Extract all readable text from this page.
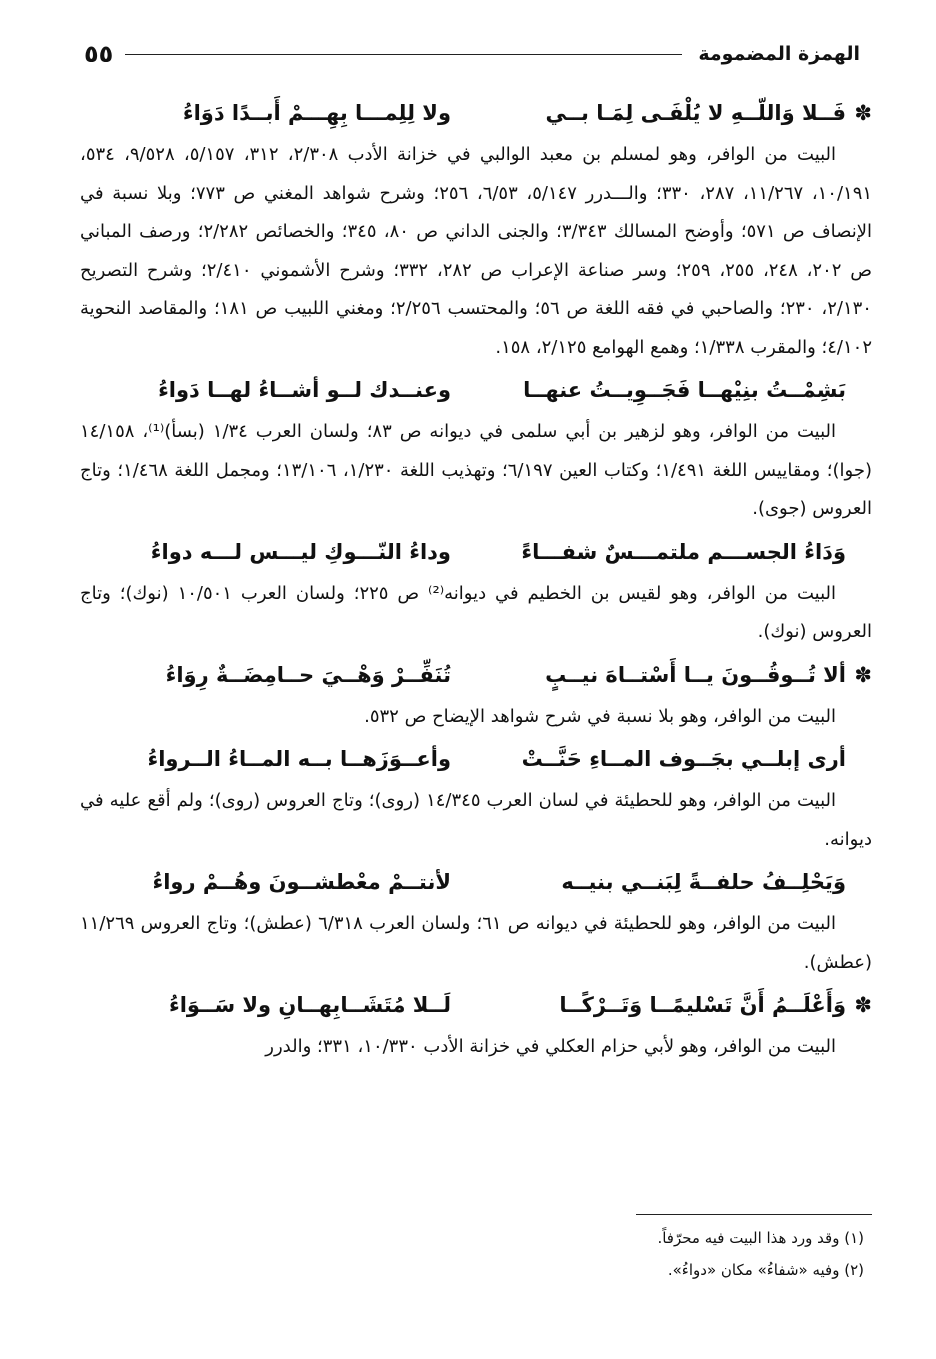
الهمزة المضمومة
٥٥
✽
فَــلا وَاللّــهِ لا يُلْفَـى لِمَـا بــي
ولا لِلِمـــا بِهِـــمْ أَبــدًا دَوَاءُ

البيت من الوافر، وهو لمسلم بن معبد الوالبي في خزانة الأدب ٢/٣٠٨، ٣١٢، ٥/١٥٧، ٩/٥٢٨، ٥٣٤، ١٠/١٩١، ١١/٢٦٧، ٢٨٧، ٣٣٠؛ والـــدرر ٥/١٤٧، ٦/٥٣، ٢٥٦؛ وشرح شواهد المغني ص ٧٧٣؛ وبلا نسبة في الإنصاف ص ٥٧١؛ وأوضح المسالك ٣/٣٤٣؛ والجنى الداني ص ٨٠، ٣٤٥؛ والخصائص ٢/٢٨٢؛ ورصف المباني ص ٢٠٢، ٢٤٨، ٢٥٥، ٢٥٩؛ وسر صناعة الإعراب ص ٢٨٢، ٣٣٢؛ وشرح الأشموني ٢/٤١٠؛ وشرح التصريح ٢/١٣٠، ٢٣٠؛ والصاحبي في فقه اللغة ص ٥٦؛ والمحتسب ٢/٢٥٦؛ ومغني اللبيب ص ١٨١؛ والمقاصد النحوية ٤/١٠٢؛ والمقرب ١/٣٣٨؛ وهمع الهوامع ٢/١٢٥، ١٥٨.

بَشِمْــتُ بنِيْهــا فَجَــوِيــتُ عنهــا
وعنــدك لــو أشــاءُ لهــا دَواءُ

البيت من الوافر، وهو لزهير بن أبي سلمى في ديوانه ص ٨٣؛ ولسان العرب ١/٣٤ (بسأ)⁽¹⁾، ١٤/١٥٨ (جوا)؛ ومقاييس اللغة ١/٤٩١؛ وكتاب العين ٦/١٩٧؛ وتهذيب اللغة ١/٢٣٠، ١٣/١٠٦؛ ومجمل اللغة ١/٤٦٨؛ وتاج العروس (جوى).

وَدَاءُ الجســـم ملتمـــسٌ شفـــاءً
وداءُ النّـــوكِ ليـــس لـــه دواءُ

البيت من الوافر، وهو لقيس بن الخطيم في ديوانه⁽²⁾ ص ٢٢٥؛ ولسان العرب ١٠/٥٠١ (نوك)؛ وتاج العروس (نوك).

✽
ألا تُــوقُــونَ يــا أَسْتــاهَ نيــبٍ
تُنَفِّــرْ وَهْــيَ حــامِضَــةٌ رِوَاءُ

البيت من الوافر، وهو بلا نسبة في شرح شواهد الإيضاح ص ٥٣٢.

أرى إبلــي بجَــوف المــاءِ حَنَّــتْ
وأعــوَزَهــا بــه المــاءُ الــرواءُ

البيت من الوافر، وهو للحطيئة في لسان العرب ١٤/٣٤٥ (روى)؛ وتاج العروس (روى)؛ ولم أقع عليه في ديوانه.

وَيَحْلِــفُ حلفــةً لِبَنــي بنيــه
لأنتــمْ معْطشــونَ وهُــمْ رواءُ

البيت من الوافر، وهو للحطيئة في ديوانه ص ٦١؛ ولسان العرب ٦/٣١٨ (عطش)؛ وتاج العروس ١١/٢٦٩ (عطش).

✽
وَأَعْلَــمُ أَنَّ تَسْليمًــا وَتَــرْكًــا
لَــلا مُتَشَــابِهــانِ ولا سَــوَاءُ

البيت من الوافر، وهو لأبي حزام العكلي في خزانة الأدب ١٠/٣٣٠، ٣٣١؛ والدرر

(١) وقد ورد هذا البيت فيه محرّفاً.

(٢) وفيه «شفاءُ» مكان «دواءُ».
